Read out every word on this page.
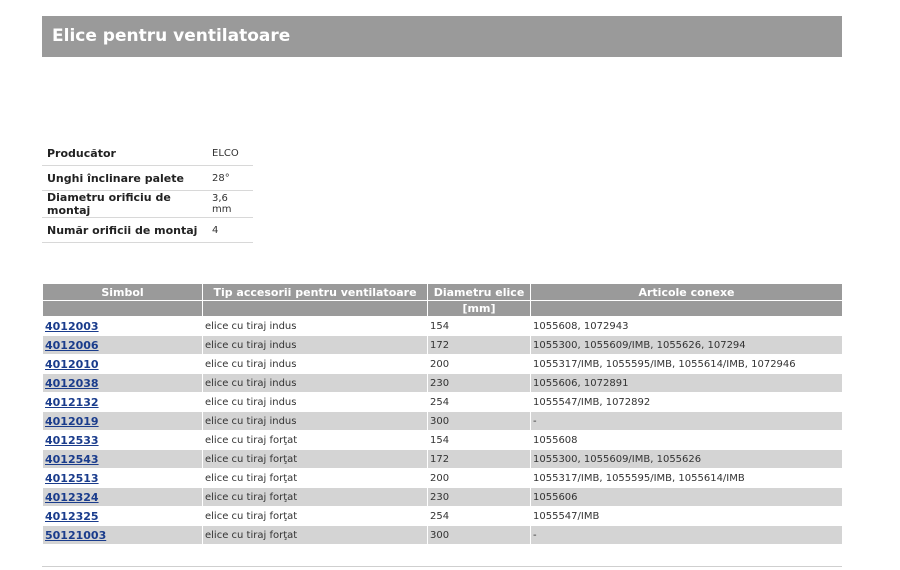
Elice pentru ventilatoare
Producător	ELCO
Unghi înclinare palete	28°
Diametru orificiu de montaj	3,6 mm
Număr orificii de montaj	4
Simbol	Tip accesorii pentru ventilatoare	Diametru elice	Articole conexe
		[mm]	
4012003	elice cu tiraj indus	154	1055608, 1072943
4012006	elice cu tiraj indus	172	1055300, 1055609/IMB, 1055626, 107294
4012010	elice cu tiraj indus	200	1055317/IMB, 1055595/IMB, 1055614/IMB, 1072946
4012038	elice cu tiraj indus	230	1055606, 1072891
4012132	elice cu tiraj indus	254	1055547/IMB, 1072892
4012019	elice cu tiraj indus	300	-
4012533	elice cu tiraj forţat	154	1055608
4012543	elice cu tiraj forţat	172	1055300, 1055609/IMB, 1055626
4012513	elice cu tiraj forţat	200	1055317/IMB, 1055595/IMB, 1055614/IMB
4012324	elice cu tiraj forţat	230	1055606
4012325	elice cu tiraj forţat	254	1055547/IMB
50121003	elice cu tiraj forţat	300	-
